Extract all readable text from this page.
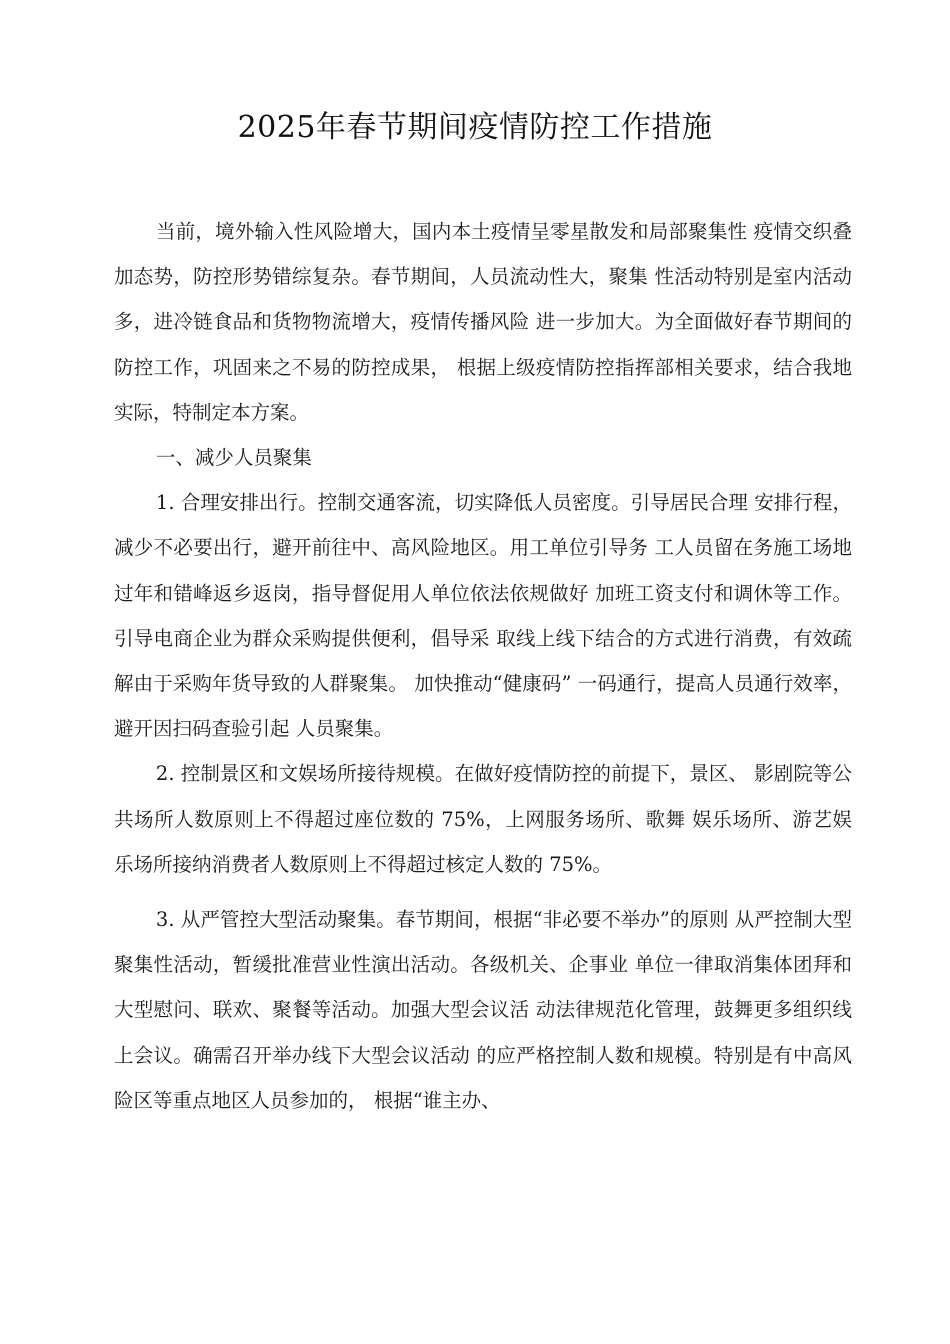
2025年春节期间疫情防控工作措施

当前，境外输入性风险增大，国内本土疫情呈零星散发和局部聚集性 疫情交织叠加态势，防控形势错综复杂。春节期间，人员流动性大，聚集 性活动特别是室内活动多，进冷链食品和货物物流增大，疫情传播风险 进一步加大。为全面做好春节期间的防控工作，巩固来之不易的防控成果， 根据上级疫情防控指挥部相关要求，结合我地实际，特制定本方案。

一、减少人员聚集

1. 合理安排出行。控制交通客流，切实降低人员密度。引导居民合理 安排行程，减少不必要出行，避开前往中、高风险地区。用工单位引导务 工人员留在务施工场地过年和错峰返乡返岗，指导督促用人单位依法依规做好 加班工资支付和调休等工作。引导电商企业为群众采购提供便利，倡导采 取线上线下结合的方式进行消费，有效疏解由于采购年货导致的人群聚集。 加快推动“健康码” 一码通行，提高人员通行效率，避开因扫码查验引起 人员聚集。

2. 控制景区和文娱场所接待规模。在做好疫情防控的前提下，景区、 影剧院等公共场所人数原则上不得超过座位数的 75%，上网服务场所、歌舞 娱乐场所、游艺娱乐场所接纳消费者人数原则上不得超过核定人数的 75%。

3. 从严管控大型活动聚集。春节期间，根据“非必要不举办”的原则 从严控制大型聚集性活动，暂缓批准营业性演出活动。各级机关、企事业 单位一律取消集体团拜和大型慰问、联欢、聚餐等活动。加强大型会议活 动法律规范化管理，鼓舞更多组织线上会议。确需召开举办线下大型会议活动 的应严格控制人数和规模。特别是有中高风险区等重点地区人员参加的， 根据“谁主办、
